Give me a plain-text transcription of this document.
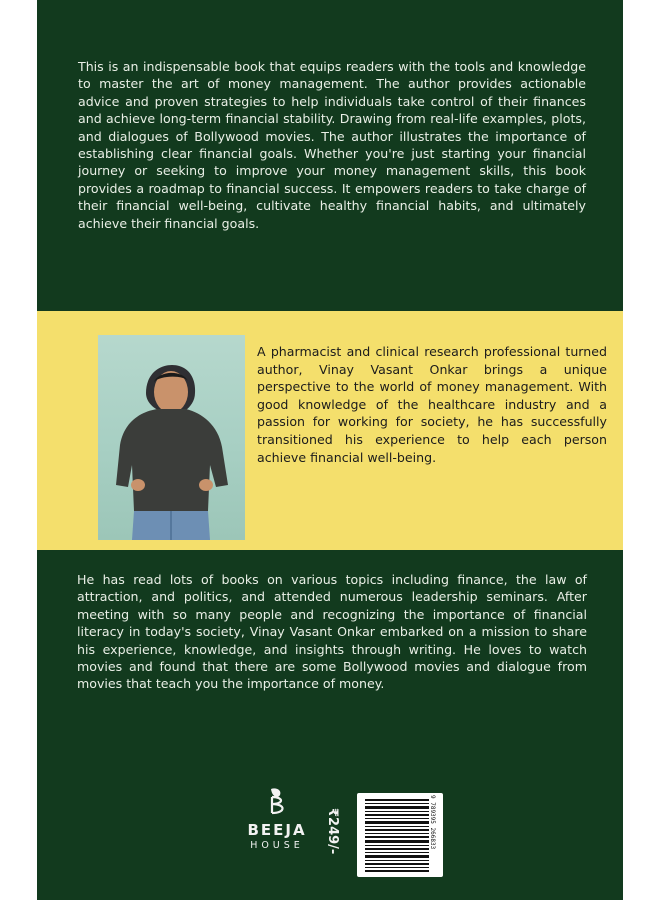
This is an indispensable book that equips readers with the tools and knowledge to master the art of money management. The author provides actionable advice and proven strategies to help individuals take control of their finances and achieve long-term financial stability. Drawing from real-life examples, plots, and dialogues of Bollywood movies. The author illustrates the importance of establishing clear financial goals. Whether you're just starting your financial journey or seeking to improve your money management skills, this book provides a roadmap to financial success. It empowers readers to take charge of their financial well-being, cultivate healthy financial habits, and ultimately achieve their financial goals.

A pharmacist and clinical research professional turned author, Vinay Vasant Onkar brings a unique perspective to the world of money management. With good knowledge of the healthcare industry and a passion for working for society, he has successfully transitioned his experience to help each person achieve financial well-being.

He has read lots of books on various topics including finance, the law of attraction, and politics, and attended numerous leadership seminars. After meeting with so many people and recognizing the importance of financial literacy in today's society, Vinay Vasant Onkar embarked on a mission to share his experience, knowledge, and insights through writing. He loves to watch movies and found that there are some Bollywood movies and dialogue from movies that teach you the importance of money.

BEEJA
HOUSE	₹249/-	9 789395 266833
